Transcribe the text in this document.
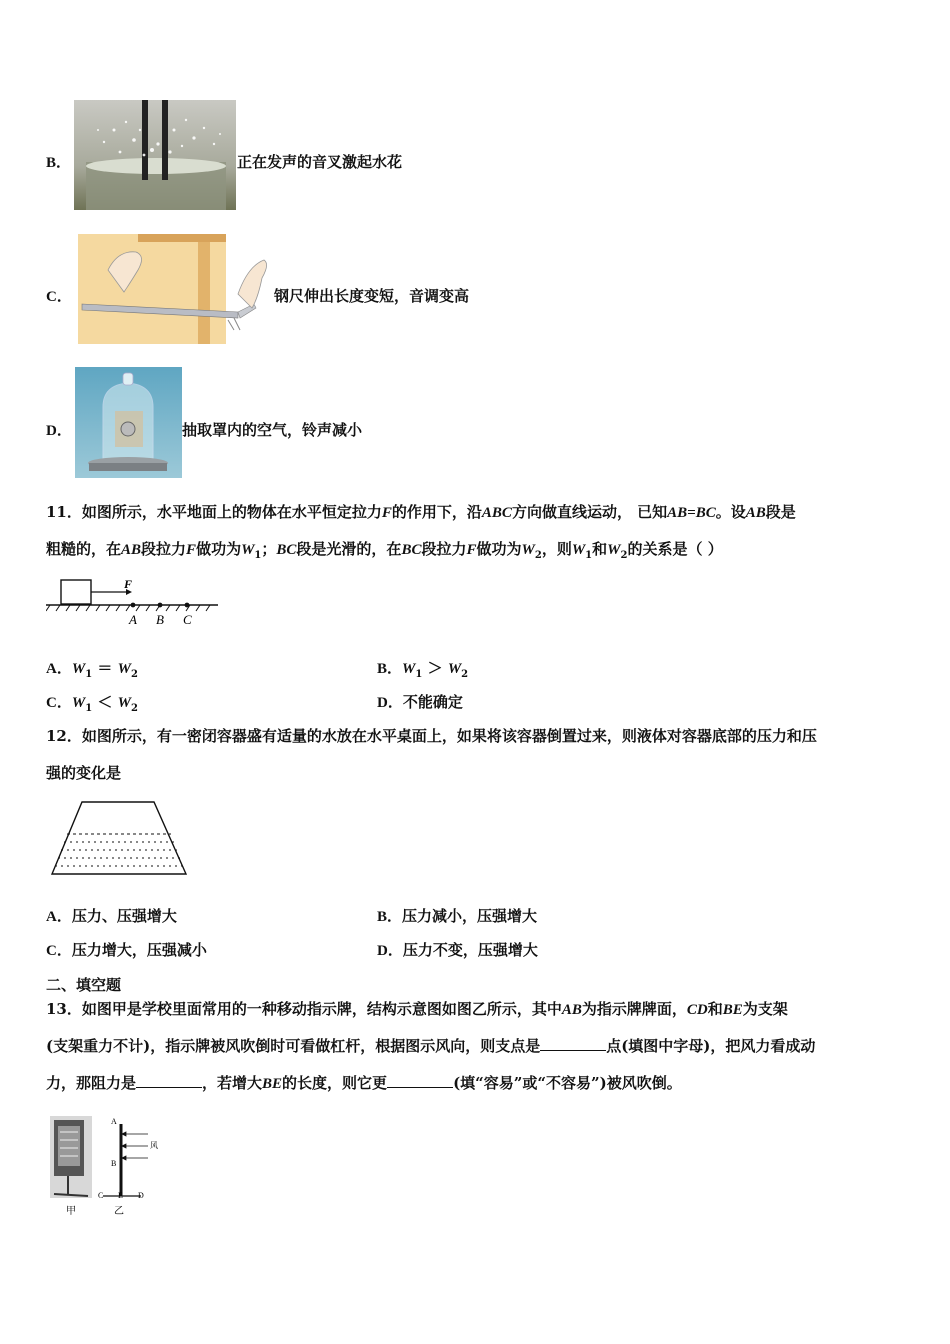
B．	正在发声的音叉激起水花
C．	钢尺伸出长度变短，音调变高
D．	抽取罩内的空气，铃声减小
11．如图所示，水平地面上的物体在水平恒定拉力F的作用下，沿ABC方向做直线运动， 已知AB=BC。设AB段是
粗糙的，在AB段拉力F做功为$W_1$；BC段是光滑的，在BC段拉力F做功为$W_2$，则$W_1$和$W_2$的关系是（ ）
F
A B C
A．$W_1 = W_2$	B．$W_1 > W_2$
C．$W_1 < W_2$	D．不能确定
12．如图所示，有一密闭容器盛有适量的水放在水平桌面上，如果将该容器倒置过来，则液体对容器底部的压力和压
强的变化是
A．压力、压强增大	B．压力减小，压强增大
C．压力增大，压强减小	D．压力不变，压强增大
二、填空题
13．如图甲是学校里面常用的一种移动指示牌，结构示意图如图乙所示，其中AB为指示牌牌面，CD和BE为支架
(支架重力不计)，指示牌被风吹倒时可看做杠杆，根据图示风向，则支点是	点(填图中字母)，把风力看成动
力，那阻力是	，若增大BE的长度，则它更	(填“容易”或“不容易”)被风吹倒。
A
B
C E D
风
甲	乙
